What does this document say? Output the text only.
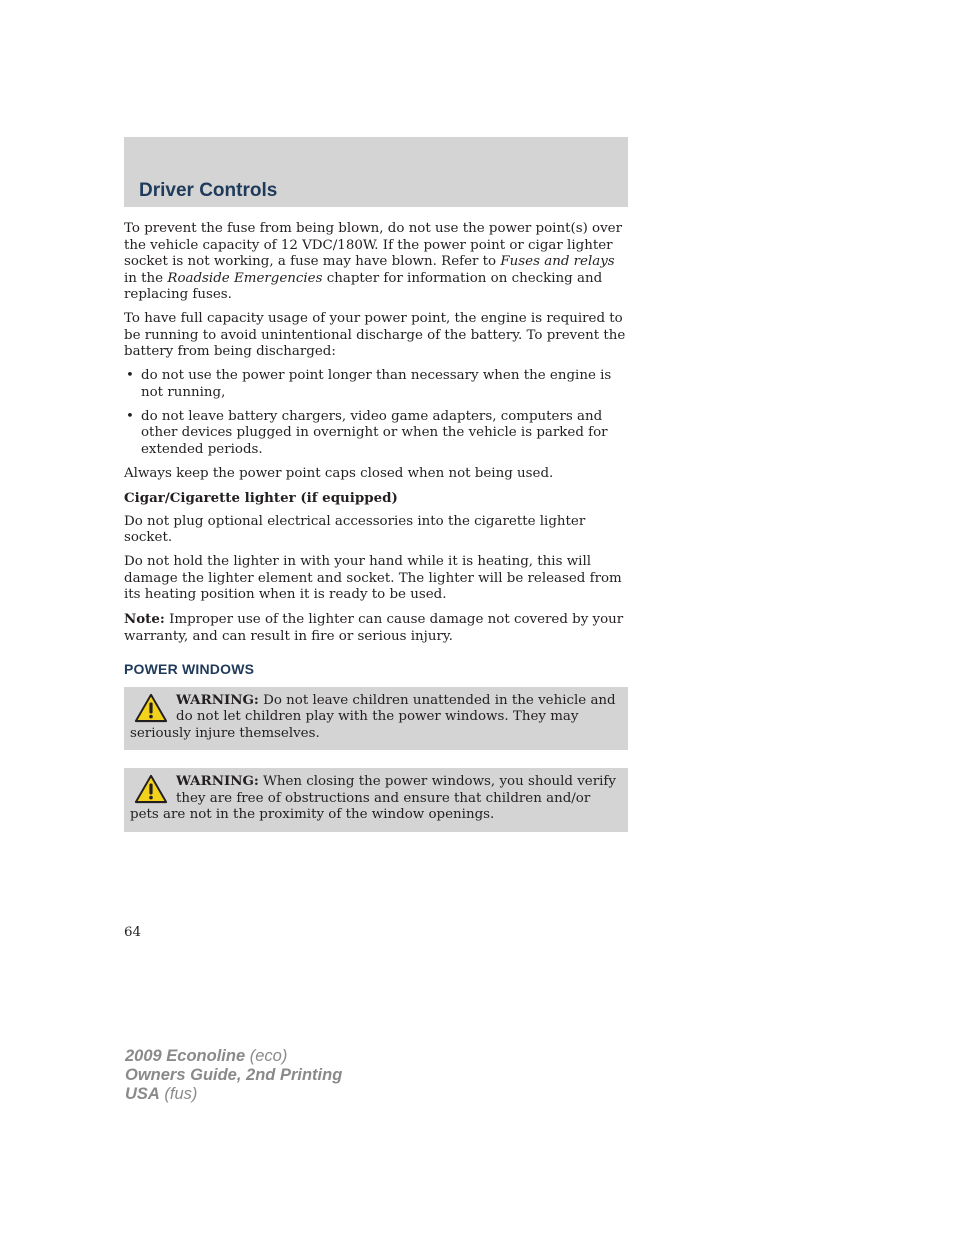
Driver Controls

To prevent the fuse from being blown, do not use the power point(s) over the vehicle capacity of 12 VDC/180W. If the power point or cigar lighter socket is not working, a fuse may have blown. Refer to Fuses and relays in the Roadside Emergencies chapter for information on checking and replacing fuses.

To have full capacity usage of your power point, the engine is required to be running to avoid unintentional discharge of the battery. To prevent the battery from being discharged:

• do not use the power point longer than necessary when the engine is not running,
• do not leave battery chargers, video game adapters, computers and other devices plugged in overnight or when the vehicle is parked for extended periods.

Always keep the power point caps closed when not being used.

Cigar/Cigarette lighter (if equipped)

Do not plug optional electrical accessories into the cigarette lighter socket.

Do not hold the lighter in with your hand while it is heating, this will damage the lighter element and socket. The lighter will be released from its heating position when it is ready to be used.

Note: Improper use of the lighter can cause damage not covered by your warranty, and can result in fire or serious injury.

POWER WINDOWS
WARNING: Do not leave children unattended in the vehicle and do not let children play with the power windows. They may seriously injure themselves.
WARNING: When closing the power windows, you should verify they are free of obstructions and ensure that children and/or pets are not in the proximity of the window openings.
64
2009 Econoline (eco)
Owners Guide, 2nd Printing
USA (fus)
